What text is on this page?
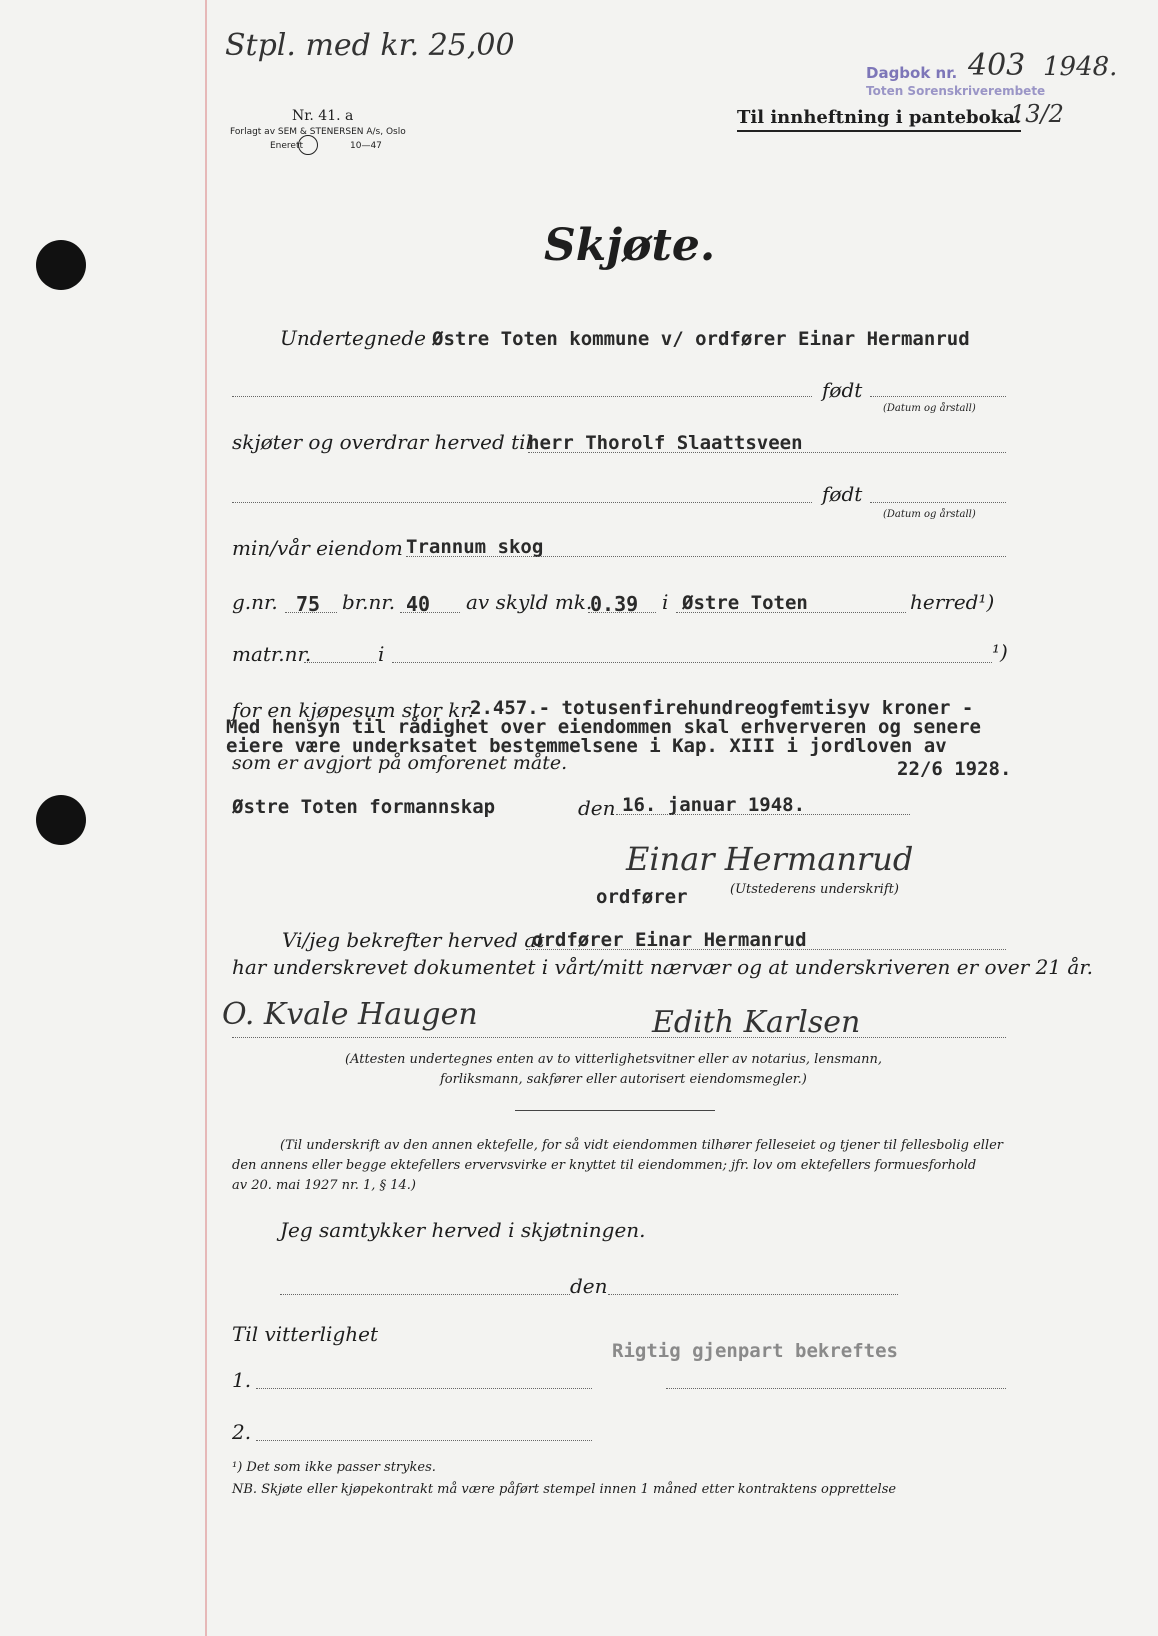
Stpl. med kr. 25,00
Nr. 41. a
Forlagt av SEM & STENERSEN A/s, Oslo
Enerett	10—47
Dagbok nr.
Toten Sorenskriverembete
403 1948.
13/2
Til innheftning i panteboka.
Skjøte.
Undertegnede Østre Toten kommune v/ ordfører Einar Hermanrud
født
(Datum og årstall)
skjøter og overdrar herved til
herr Thorolf Slaattsveen
født
(Datum og årstall)
min/vår eiendom Trannum skog
g.nr. 75 br.nr. 40 av skyld mk.
0.39 i Østre Toten	herred¹)
matr.nr.	i	¹)
for en kjøpesum stor kr.
2.457.- totusenfirehundreogfemtisyv kroner -
Med hensyn til rådighet over eiendommen skal erhververen og senere
eiere være underksatet bestemmelsene i Kap. XIII i jordloven av
som er avgjort på omforenet måte.	22/6 1928.
Østre Toten formannskap	den 16. januar 1948.
Einar Hermanrud
ordfører	(Utstederens underskrift)
Vi/jeg bekrefter herved at
ordfører Einar Hermanrud
har underskrevet dokumentet i vårt/mitt nærvær og at underskriveren er over 21 år.
O. Kvale Haugen	Edith Karlsen
(Attesten undertegnes enten av to vitterlighetsvitner eller av notarius, lensmann,
forliksmann, sakfører eller autorisert eiendomsmegler.)
(Til underskrift av den annen ektefelle, for så vidt eiendommen tilhører felleseiet og tjener til fellesbolig eller
den annens eller begge ektefellers ervervsvirke er knyttet til eiendommen; jfr. lov om ektefellers formuesforhold
av 20. mai 1927 nr. 1, § 14.)
Jeg samtykker herved i skjøtningen.
den
Til vitterlighet
Rigtig gjenpart bekreftes
1.
2.
¹) Det som ikke passer strykes.
NB. Skjøte eller kjøpekontrakt må være påført stempel innen 1 måned etter kontraktens opprettelse
